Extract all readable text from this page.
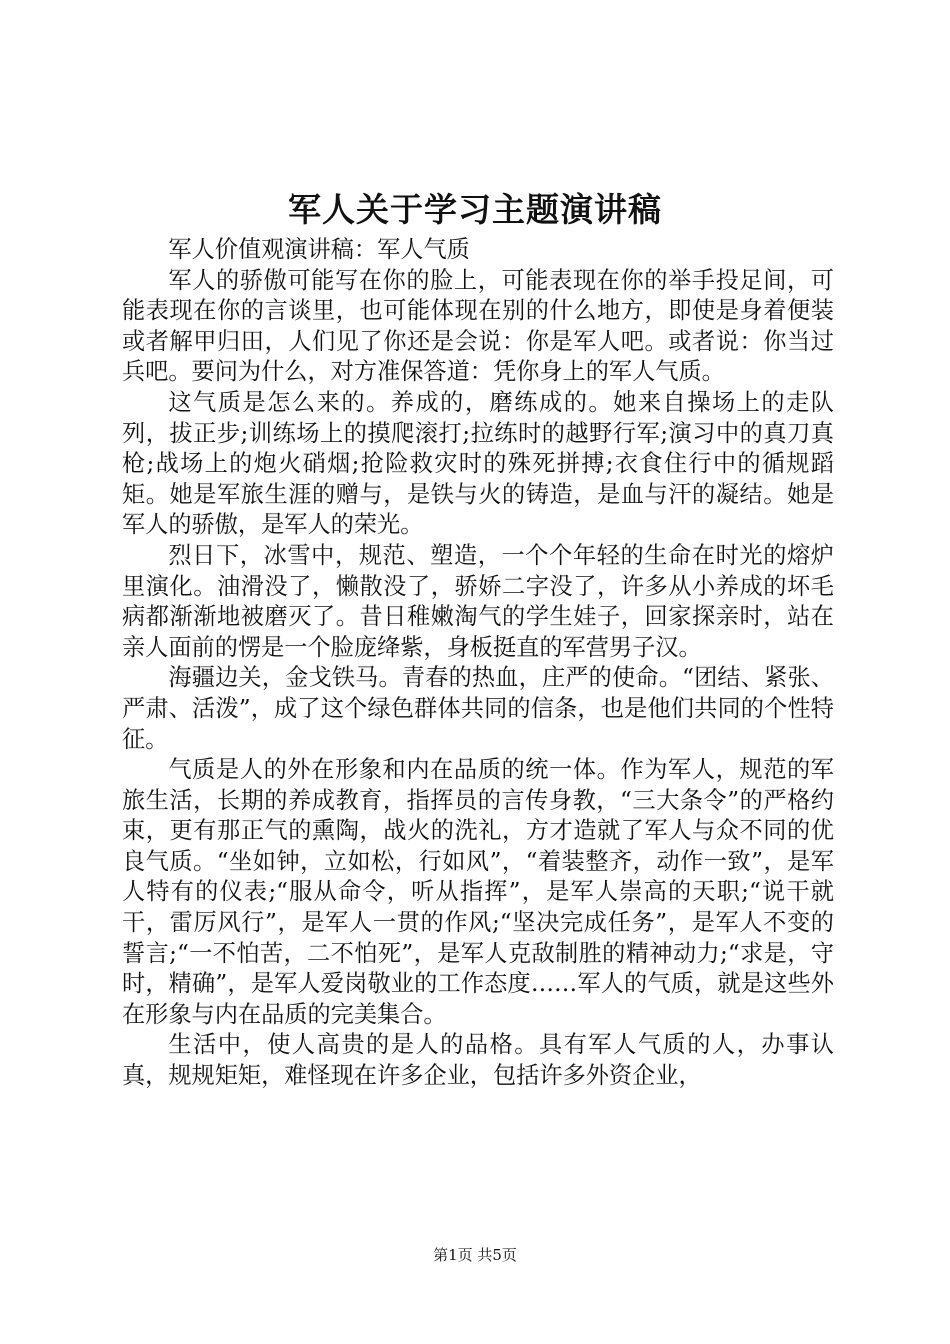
军人关于学习主题演讲稿

军人价值观演讲稿：军人气质

军人的骄傲可能写在你的脸上，可能表现在你的举手投足间，可能表现在你的言谈里，也可能体现在别的什么地方，即使是身着便装或者解甲归田，人们见了你还是会说：你是军人吧。或者说：你当过兵吧。要问为什么，对方准保答道：凭你身上的军人气质。

这气质是怎么来的。养成的，磨练成的。她来自操场上的走队列，拔正步;训练场上的摸爬滚打;拉练时的越野行军;演习中的真刀真枪;战场上的炮火硝烟;抢险救灾时的殊死拼搏;衣食住行中的循规蹈矩。她是军旅生涯的赠与，是铁与火的铸造，是血与汗的凝结。她是军人的骄傲，是军人的荣光。

烈日下，冰雪中，规范、塑造，一个个年轻的生命在时光的熔炉里演化。油滑没了，懒散没了，骄娇二字没了，许多从小养成的坏毛病都渐渐地被磨灭了。昔日稚嫩淘气的学生娃子，回家探亲时，站在亲人面前的愣是一个脸庞绛紫，身板挺直的军营男子汉。

海疆边关，金戈铁马。青春的热血，庄严的使命。“团结、紧张、严肃、活泼”，成了这个绿色群体共同的信条，也是他们共同的个性特征。

气质是人的外在形象和内在品质的统一体。作为军人，规范的军旅生活，长期的养成教育，指挥员的言传身教，“三大条令”的严格约束，更有那正气的熏陶，战火的洗礼，方才造就了军人与众不同的优良气质。“坐如钟，立如松，行如风”，“着装整齐，动作一致”，是军人特有的仪表;“服从命令，听从指挥”，是军人崇高的天职;“说干就干，雷厉风行”，是军人一贯的作风;“坚决完成任务”，是军人不变的誓言;“一不怕苦，二不怕死”，是军人克敌制胜的精神动力;“求是，守时，精确”，是军人爱岗敬业的工作态度……军人的气质，就是这些外在形象与内在品质的完美集合。

生活中，使人高贵的是人的品格。具有军人气质的人，办事认真，规规矩矩，难怪现在许多企业，包括许多外资企业，

第1页 共5页
